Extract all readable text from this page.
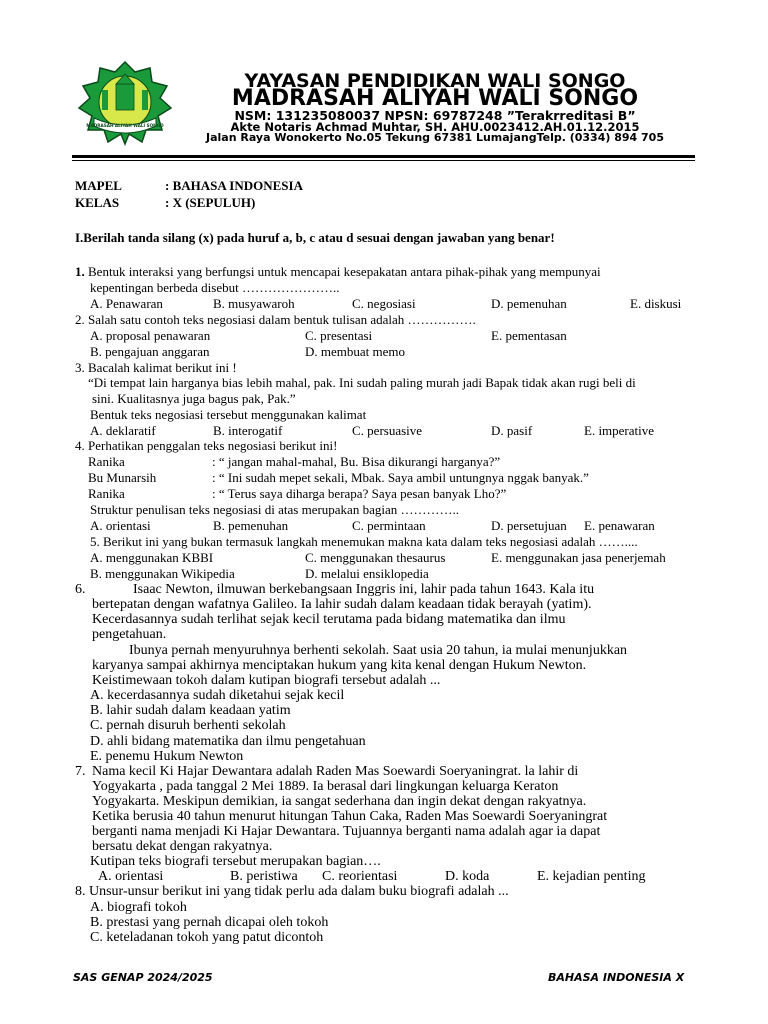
MADRASAH ALIYAH WALI SONGO
YAYASAN PENDIDIKAN WALI SONGO
MADRASAH ALIYAH WALI SONGO
NSM: 131235080037 NPSN: 69787248 ”Terakrreditasi B”
Akte Notaris Achmad Muhtar, SH. AHU.0023412.AH.01.12.2015
Jalan Raya Wonokerto No.05 Tekung 67381 LumajangTelp. (0334) 894 705
MAPEL	: BAHASA INDONESIA
KELAS	: X (SEPULUH)
I.Berilah tanda silang (x) pada huruf a, b, c atau d sesuai dengan jawaban yang benar!
1. Bentuk interaksi yang berfungsi untuk mencapai kesepakatan antara pihak-pihak yang mempunyai
kepentingan berbeda disebut …………………..
A. Penawaran	B. musyawaroh	C. negosiasi	D. pemenuhan	E. diskusi
2. Salah satu contoh teks negosiasi dalam bentuk tulisan adalah …………….
A. proposal penawaran	C. presentasi	E. pementasan
B. pengajuan anggaran	D. membuat memo
3. Bacalah kalimat berikut ini !
“Di tempat lain harganya bias lebih mahal, pak. Ini sudah paling murah jadi Bapak tidak akan rugi beli di
sini. Kualitasnya juga bagus pak, Pak.”
Bentuk teks negosiasi tersebut menggunakan kalimat
A. deklaratif	B. interogatif	C. persuasive	D. pasif	E. imperative
4. Perhatikan penggalan teks negosiasi berikut ini!
Ranika	: “ jangan mahal-mahal, Bu. Bisa dikurangi harganya?”
Bu Munarsih	: “ Ini sudah mepet sekali, Mbak. Saya ambil untungnya nggak banyak.”
Ranika	: “ Terus saya diharga berapa? Saya pesan banyak Lho?”
Struktur penulisan teks negosiasi di atas merupakan bagian …………..
A. orientasi	B. pemenuhan	C. permintaan	D. persetujuan E. penawaran
5. Berikut ini yang bukan termasuk langkah menemukan makna kata dalam teks negosiasi adalah ……....
A. menggunakan KBBI	C. menggunakan thesaurus	E. menggunakan jasa penerjemah
B. menggunakan Wikipedia	D. melalui ensiklopedia
6.	Isaac Newton, ilmuwan berkebangsaan Inggris ini, lahir pada tahun 1643. Kala itu
bertepatan dengan wafatnya Galileo. Ia lahir sudah dalam keadaan tidak berayah (yatim).
Kecerdasannya sudah terlihat sejak kecil terutama pada bidang matematika dan ilmu
pengetahuan.
Ibunya pernah menyuruhnya berhenti sekolah. Saat usia 20 tahun, ia mulai menunjukkan
karyanya sampai akhirnya menciptakan hukum yang kita kenal dengan Hukum Newton.
Keistimewaan tokoh dalam kutipan biografi tersebut adalah ...
A. kecerdasannya sudah diketahui sejak kecil
B. lahir sudah dalam keadaan yatim
C. pernah disuruh berhenti sekolah
D. ahli bidang matematika dan ilmu pengetahuan
E. penemu Hukum Newton
7. Nama kecil Ki Hajar Dewantara adalah Raden Mas Soewardi Soeryaningrat. la lahir di
Yogyakarta , pada tanggal 2 Mei 1889. Ia berasal dari lingkungan keluarga Keraton
Yogyakarta. Meskipun demikian, ia sangat sederhana dan ingin dekat dengan rakyatnya.
Ketika berusia 40 tahun menurut hitungan Tahun Caka, Raden Mas Soewardi Soeryaningrat
berganti nama menjadi Ki Hajar Dewantara. Tujuannya berganti nama adalah agar ia dapat
bersatu dekat dengan rakyatnya.
Kutipan teks biografi tersebut merupakan bagian….
A. orientasi	B. peristiwa C. reorientasi	D. koda	E. kejadian penting
8. Unsur-unsur berikut ini yang tidak perlu ada dalam buku biografi adalah ...
A. biografi tokoh
B. prestasi yang pernah dicapai oleh tokoh
C. keteladanan tokoh yang patut dicontoh
SAS GENAP 2024/2025	BAHASA INDONESIA X
